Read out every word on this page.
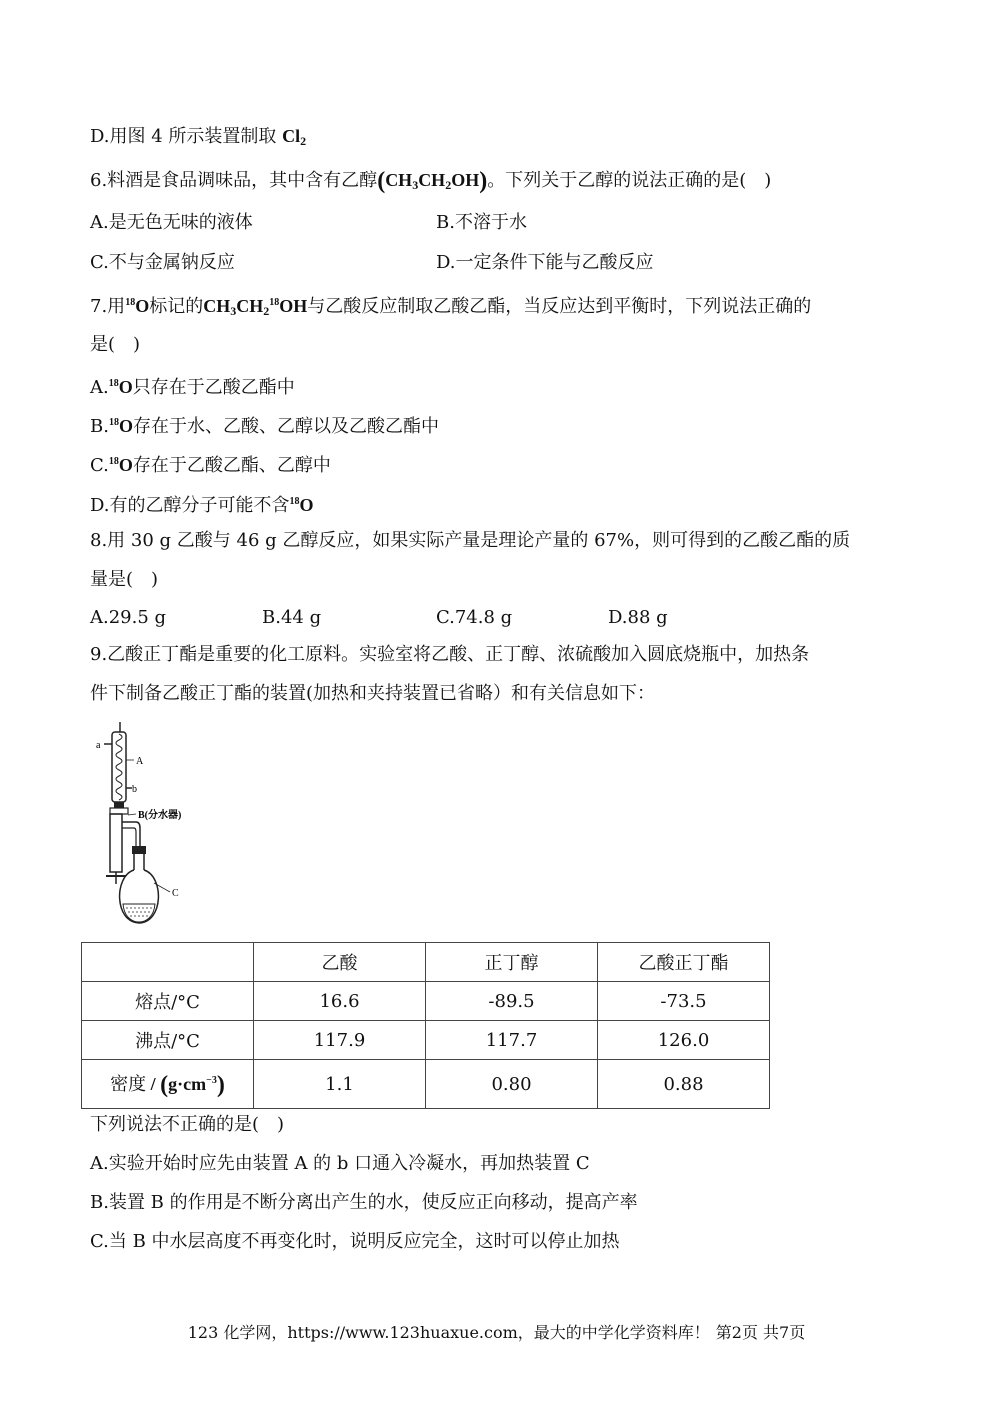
D.用图 4 所示装置制取 $Cl_2$
6.料酒是食品调味品，其中含有乙醇$(CH_3CH_2OH)$。下列关于乙醇的说法正确的是(　)
A.是无色无味的液体	B.不溶于水
C.不与金属钠反应	D.一定条件下能与乙酸反应
7.用$^{18}$O标记的$CH_3CH_2^{18}OH$与乙酸反应制取乙酸乙酯，当反应达到平衡时，下列说法正确的
是(　)
A.$^{18}$O只存在于乙酸乙酯中
B.$^{18}$O存在于水、乙酸、乙醇以及乙酸乙酯中
C.$^{18}$O存在于乙酸乙酯、乙醇中
D.有的乙醇分子可能不含$^{18}$O
8.用 30 g 乙酸与 46 g 乙醇反应，如果实际产量是理论产量的 67%，则可得到的乙酸乙酯的质
量是(　)
A.29.5 g	B.44 g	C.74.8 g	D.88 g
9.乙酸正丁酯是重要的化工原料。实验室将乙酸、正丁醇、浓硫酸加入圆底烧瓶中，加热条
件下制备乙酸正丁酯的装置(加热和夹持装置已省略）和有关信息如下：
a
A
b
B(分水器)
C
	乙酸	正丁醇	乙酸正丁酯
熔点/°C	16.6	-89.5	-73.5
沸点/°C	117.9	117.7	126.0
密度 / $(g\cdot cm^{-3})$	1.1	0.80	0.88
下列说法不正确的是(　)
A.实验开始时应先由装置 A 的 b 口通入冷凝水，再加热装置 C
B.装置 B 的作用是不断分离出产生的水，使反应正向移动，提高产率
C.当 B 中水层高度不再变化时，说明反应完全，这时可以停止加热
123 化学网，https://www.123huaxue.com，最大的中学化学资料库！ 第2页 共7页
